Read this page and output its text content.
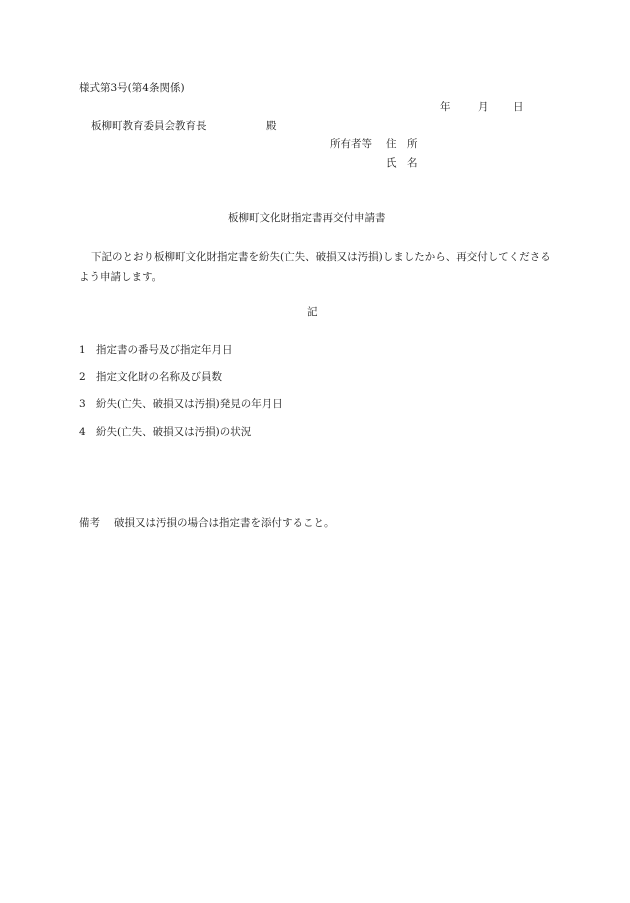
様式第3号(第4条関係)
年	月 日
板柳町教育委員会教育長	殿
所有者等 住　所
氏　名
板柳町文化財指定書再交付申請書
下記のとおり板柳町文化財指定書を紛失(亡失、破損又は汚損)しましたから、再交付してくださるよう申請します。
記
1 指定書の番号及び指定年月日
2 指定文化財の名称及び員数
3 紛失(亡失、破損又は汚損)発見の年月日
4 紛失(亡失、破損又は汚損)の状況
備考 破損又は汚損の場合は指定書を添付すること。
